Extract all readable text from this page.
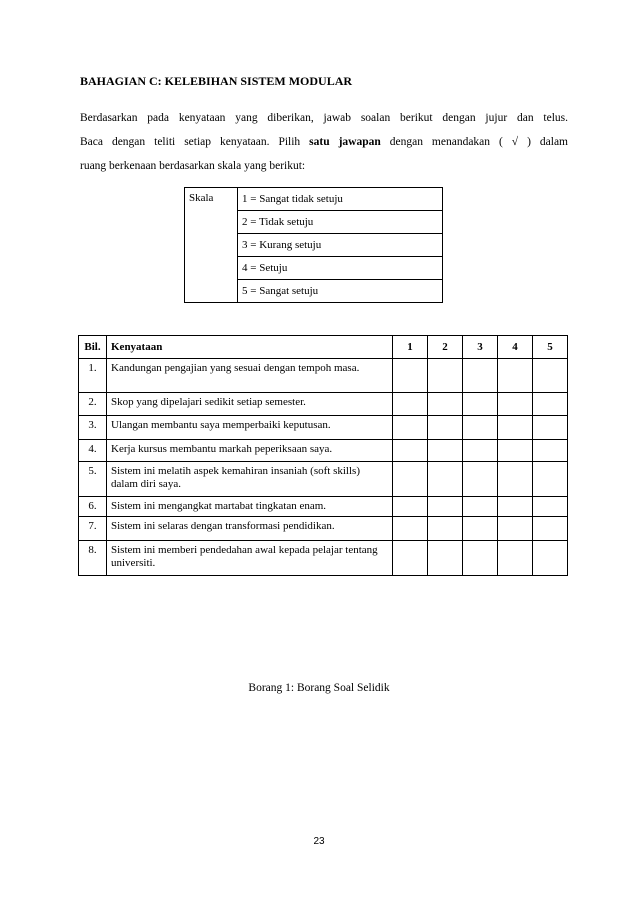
BAHAGIAN C: KELEBIHAN SISTEM MODULAR
Berdasarkan pada kenyataan yang diberikan, jawab soalan berikut dengan jujur dan telus.
Baca dengan teliti setiap kenyataan. Pilih satu jawapan dengan menandakan ( √ ) dalam
ruang berkenaan berdasarkan skala yang berikut:
Skala	1 = Sangat tidak setuju
2 = Tidak setuju
3 = Kurang setuju
4 = Setuju
5 = Sangat setuju
Bil.	Kenyataan	1	2	3	4	5
1.	Kandungan pengajian yang sesuai dengan tempoh masa.					
2.	Skop yang dipelajari sedikit setiap semester.					
3.	Ulangan membantu saya memperbaiki keputusan.					
4.	Kerja kursus membantu markah peperiksaan saya.					
5.	Sistem ini melatih aspek kemahiran insaniah (soft skills) dalam diri saya.					
6.	Sistem ini mengangkat martabat tingkatan enam.					
7.	Sistem ini selaras dengan transformasi pendidikan.					
8.	Sistem ini memberi pendedahan awal kepada pelajar tentang universiti.					
Borang 1: Borang Soal Selidik
23
